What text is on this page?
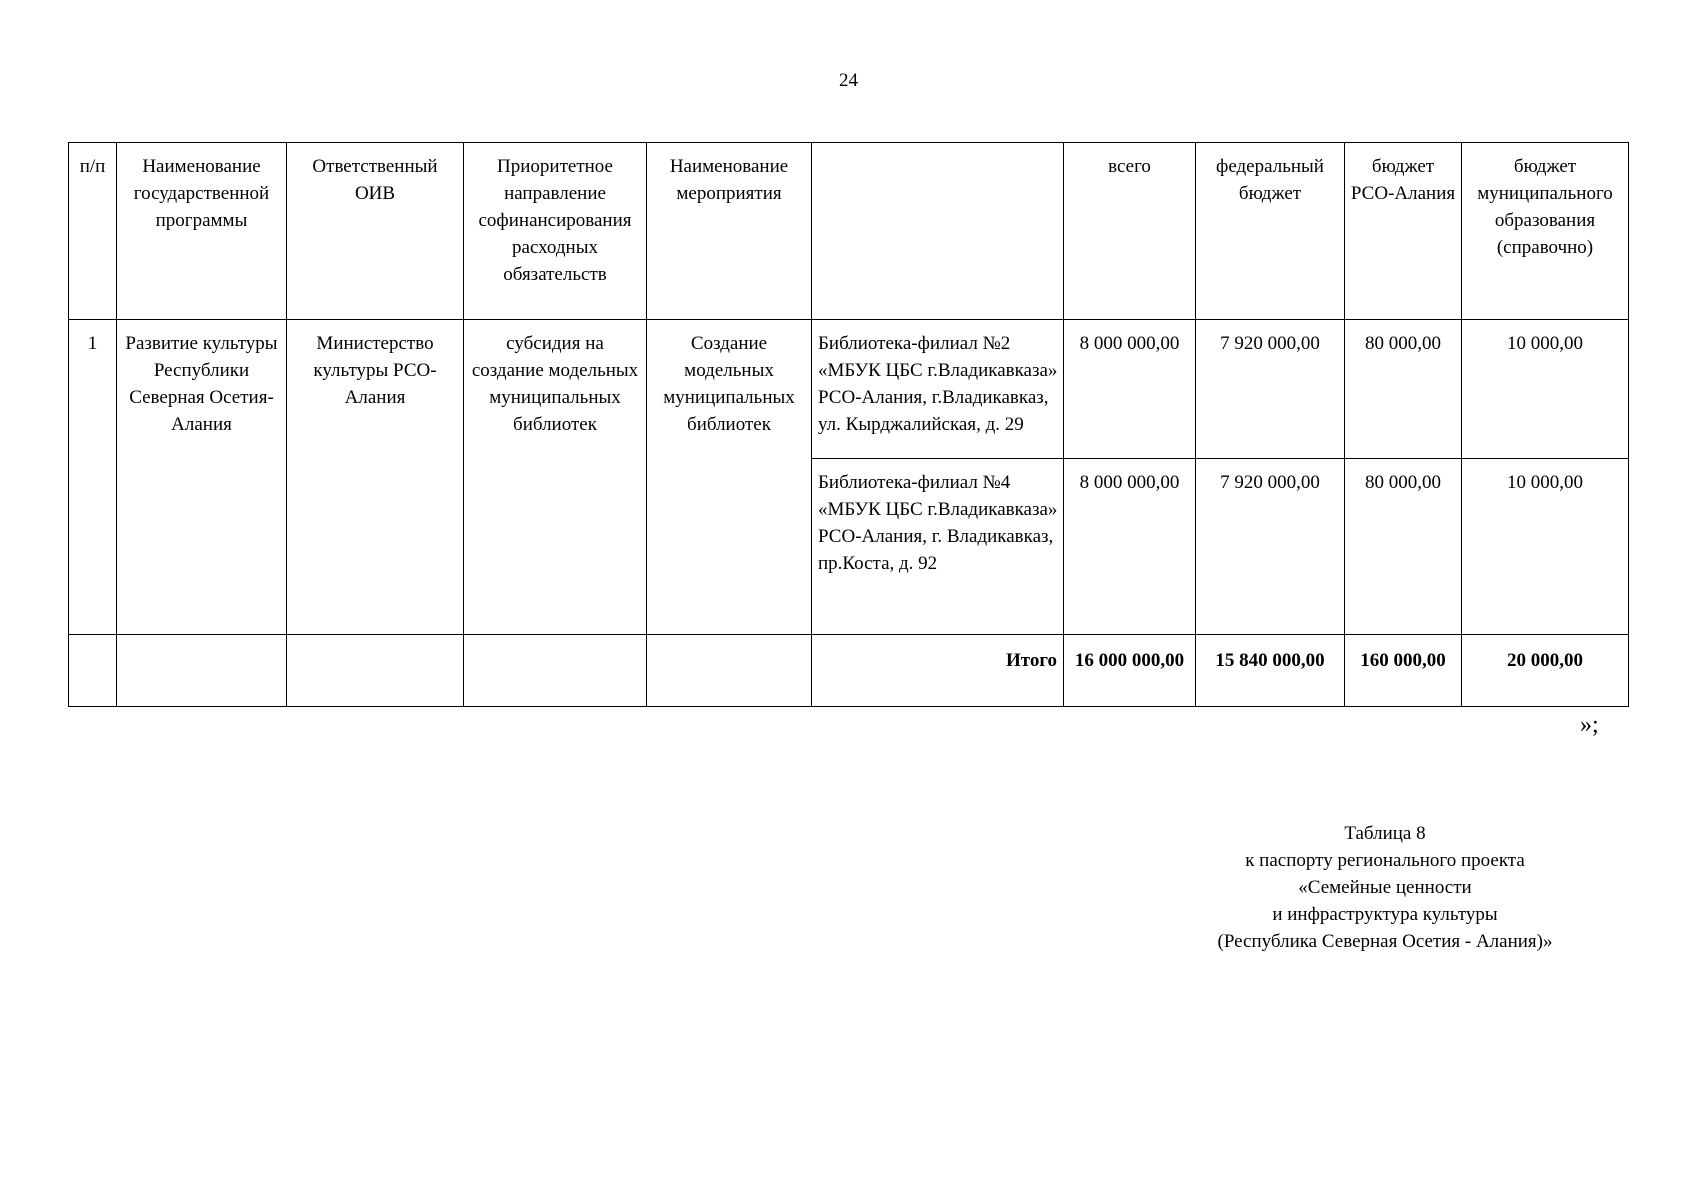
24
п/п	Наименование государственной программы	Ответственный ОИВ	Приоритетное направление софинансирования расходных обязательств	Наименование мероприятия		всего	федеральный бюджет	бюджет РСО-Алания	бюджет муниципального образования (справочно)
1	Развитие культуры Республики Северная Осетия-Алания	Министерство культуры РСО-Алания	субсидия на создание модельных муниципальных библиотек	Создание модельных муниципальных библиотек	Библиотека-филиал №2 «МБУК ЦБС г.Владикавказа» РСО-Алания, г.Владикавказ, ул. Кырджалийская, д. 29	8 000 000,00	7 920 000,00	80 000,00	10 000,00
					Библиотека-филиал №4 «МБУК ЦБС г.Владикавказа» РСО-Алания, г. Владикавказ, пр.Коста, д. 92	8 000 000,00	7 920 000,00	80 000,00	10 000,00
					Итого	16 000 000,00	15 840 000,00	160 000,00	20 000,00
»;
Таблица 8
к паспорту регионального проекта
«Семейные ценности
и инфраструктура культуры
(Республика Северная Осетия - Алания)»
